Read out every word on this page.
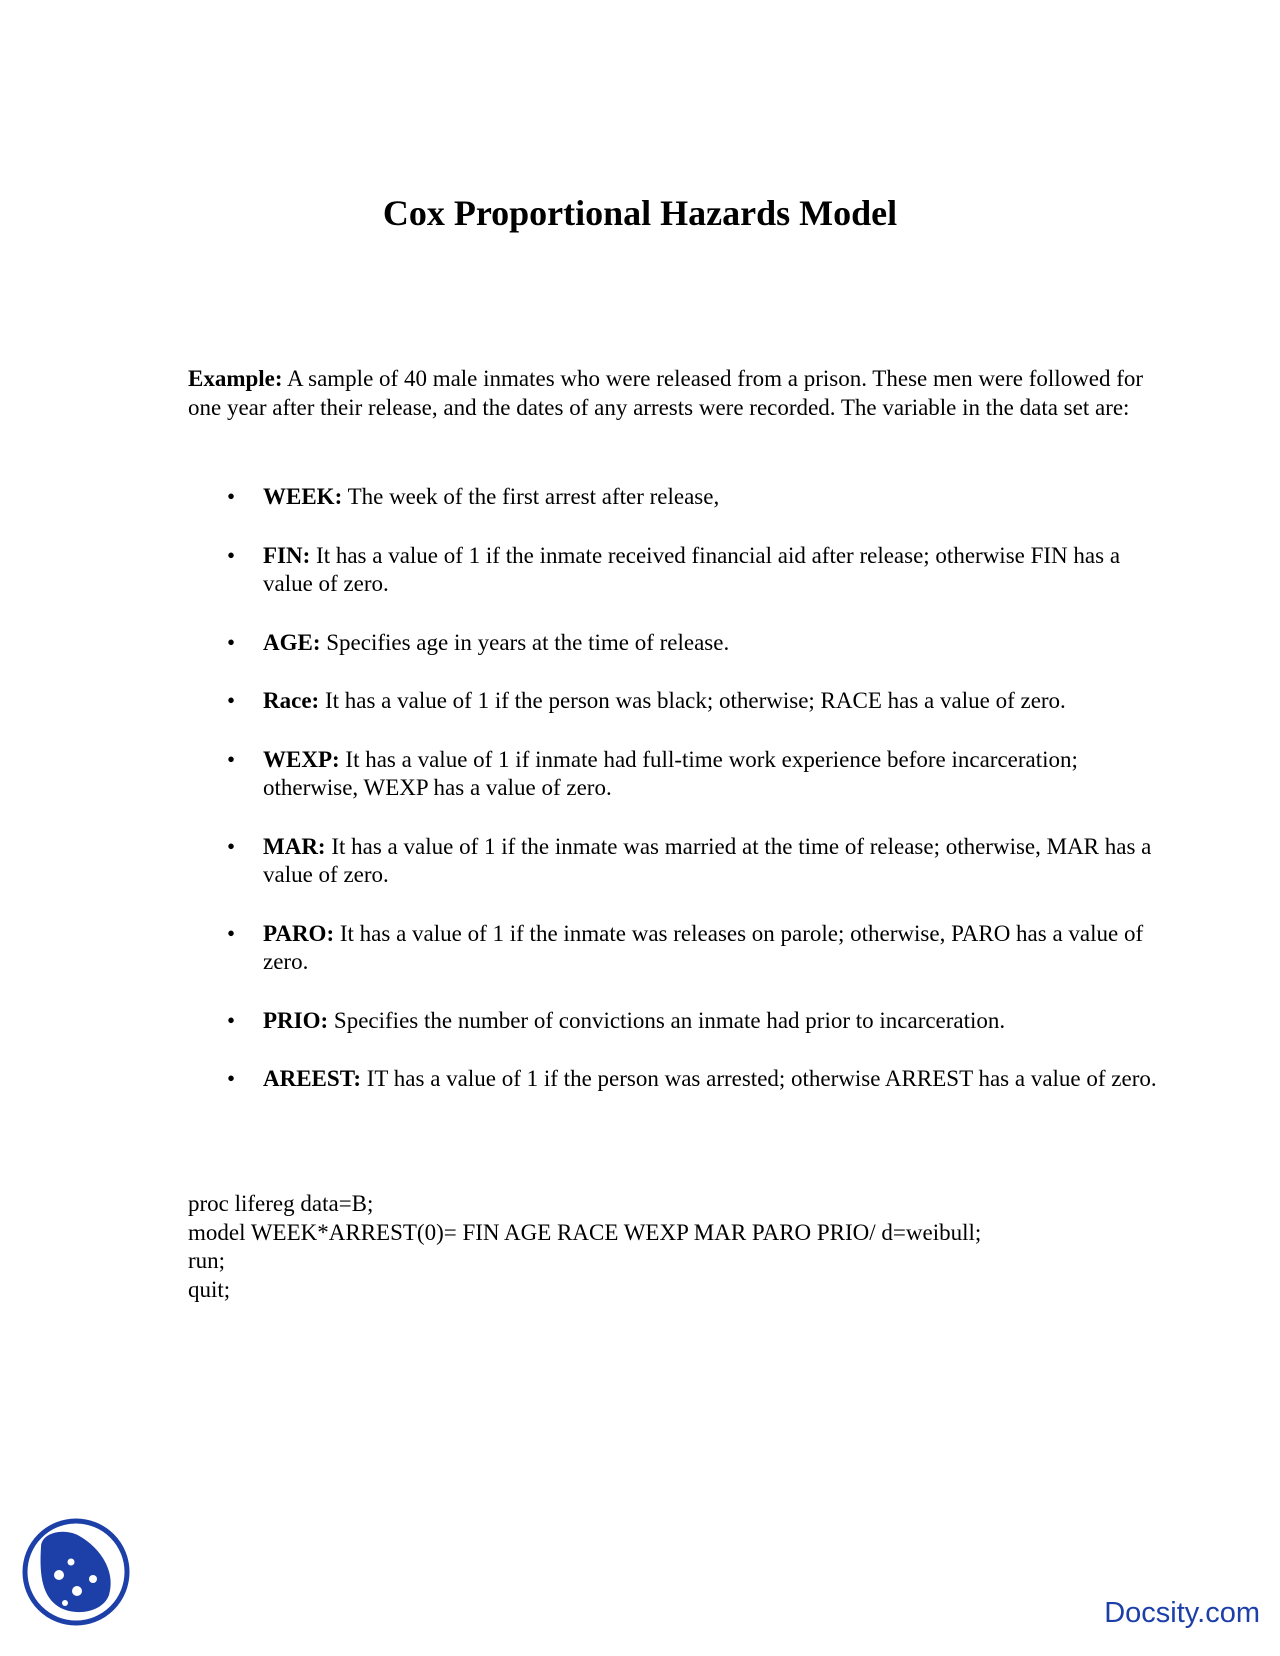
Cox Proportional Hazards Model

Example: A sample of 40 male inmates who were released from a prison. These men were followed for one year after their release, and the dates of any arrests were recorded. The variable in the data set are:

• WEEK: The week of the first arrest after release,
• FIN: It has a value of 1 if the inmate received financial aid after release; otherwise FIN has a value of zero.
• AGE: Specifies age in years at the time of release.
• Race: It has a value of 1 if the person was black; otherwise; RACE has a value of zero.
• WEXP: It has a value of 1 if inmate had full-time work experience before incarceration; otherwise, WEXP has a value of zero.
• MAR: It has a value of 1 if the inmate was married at the time of release; otherwise, MAR has a value of zero.
• PARO: It has a value of 1 if the inmate was releases on parole; otherwise, PARO has a value of zero.
• PRIO: Specifies the number of convictions an inmate had prior to incarceration.
• AREEST: IT has a value of 1 if the person was arrested; otherwise ARREST has a value of zero.
proc lifereg data=B;
model WEEK*ARREST(0)= FIN AGE RACE WEXP MAR PARO PRIO/ d=weibull;
run;
quit;
Docsity.com
